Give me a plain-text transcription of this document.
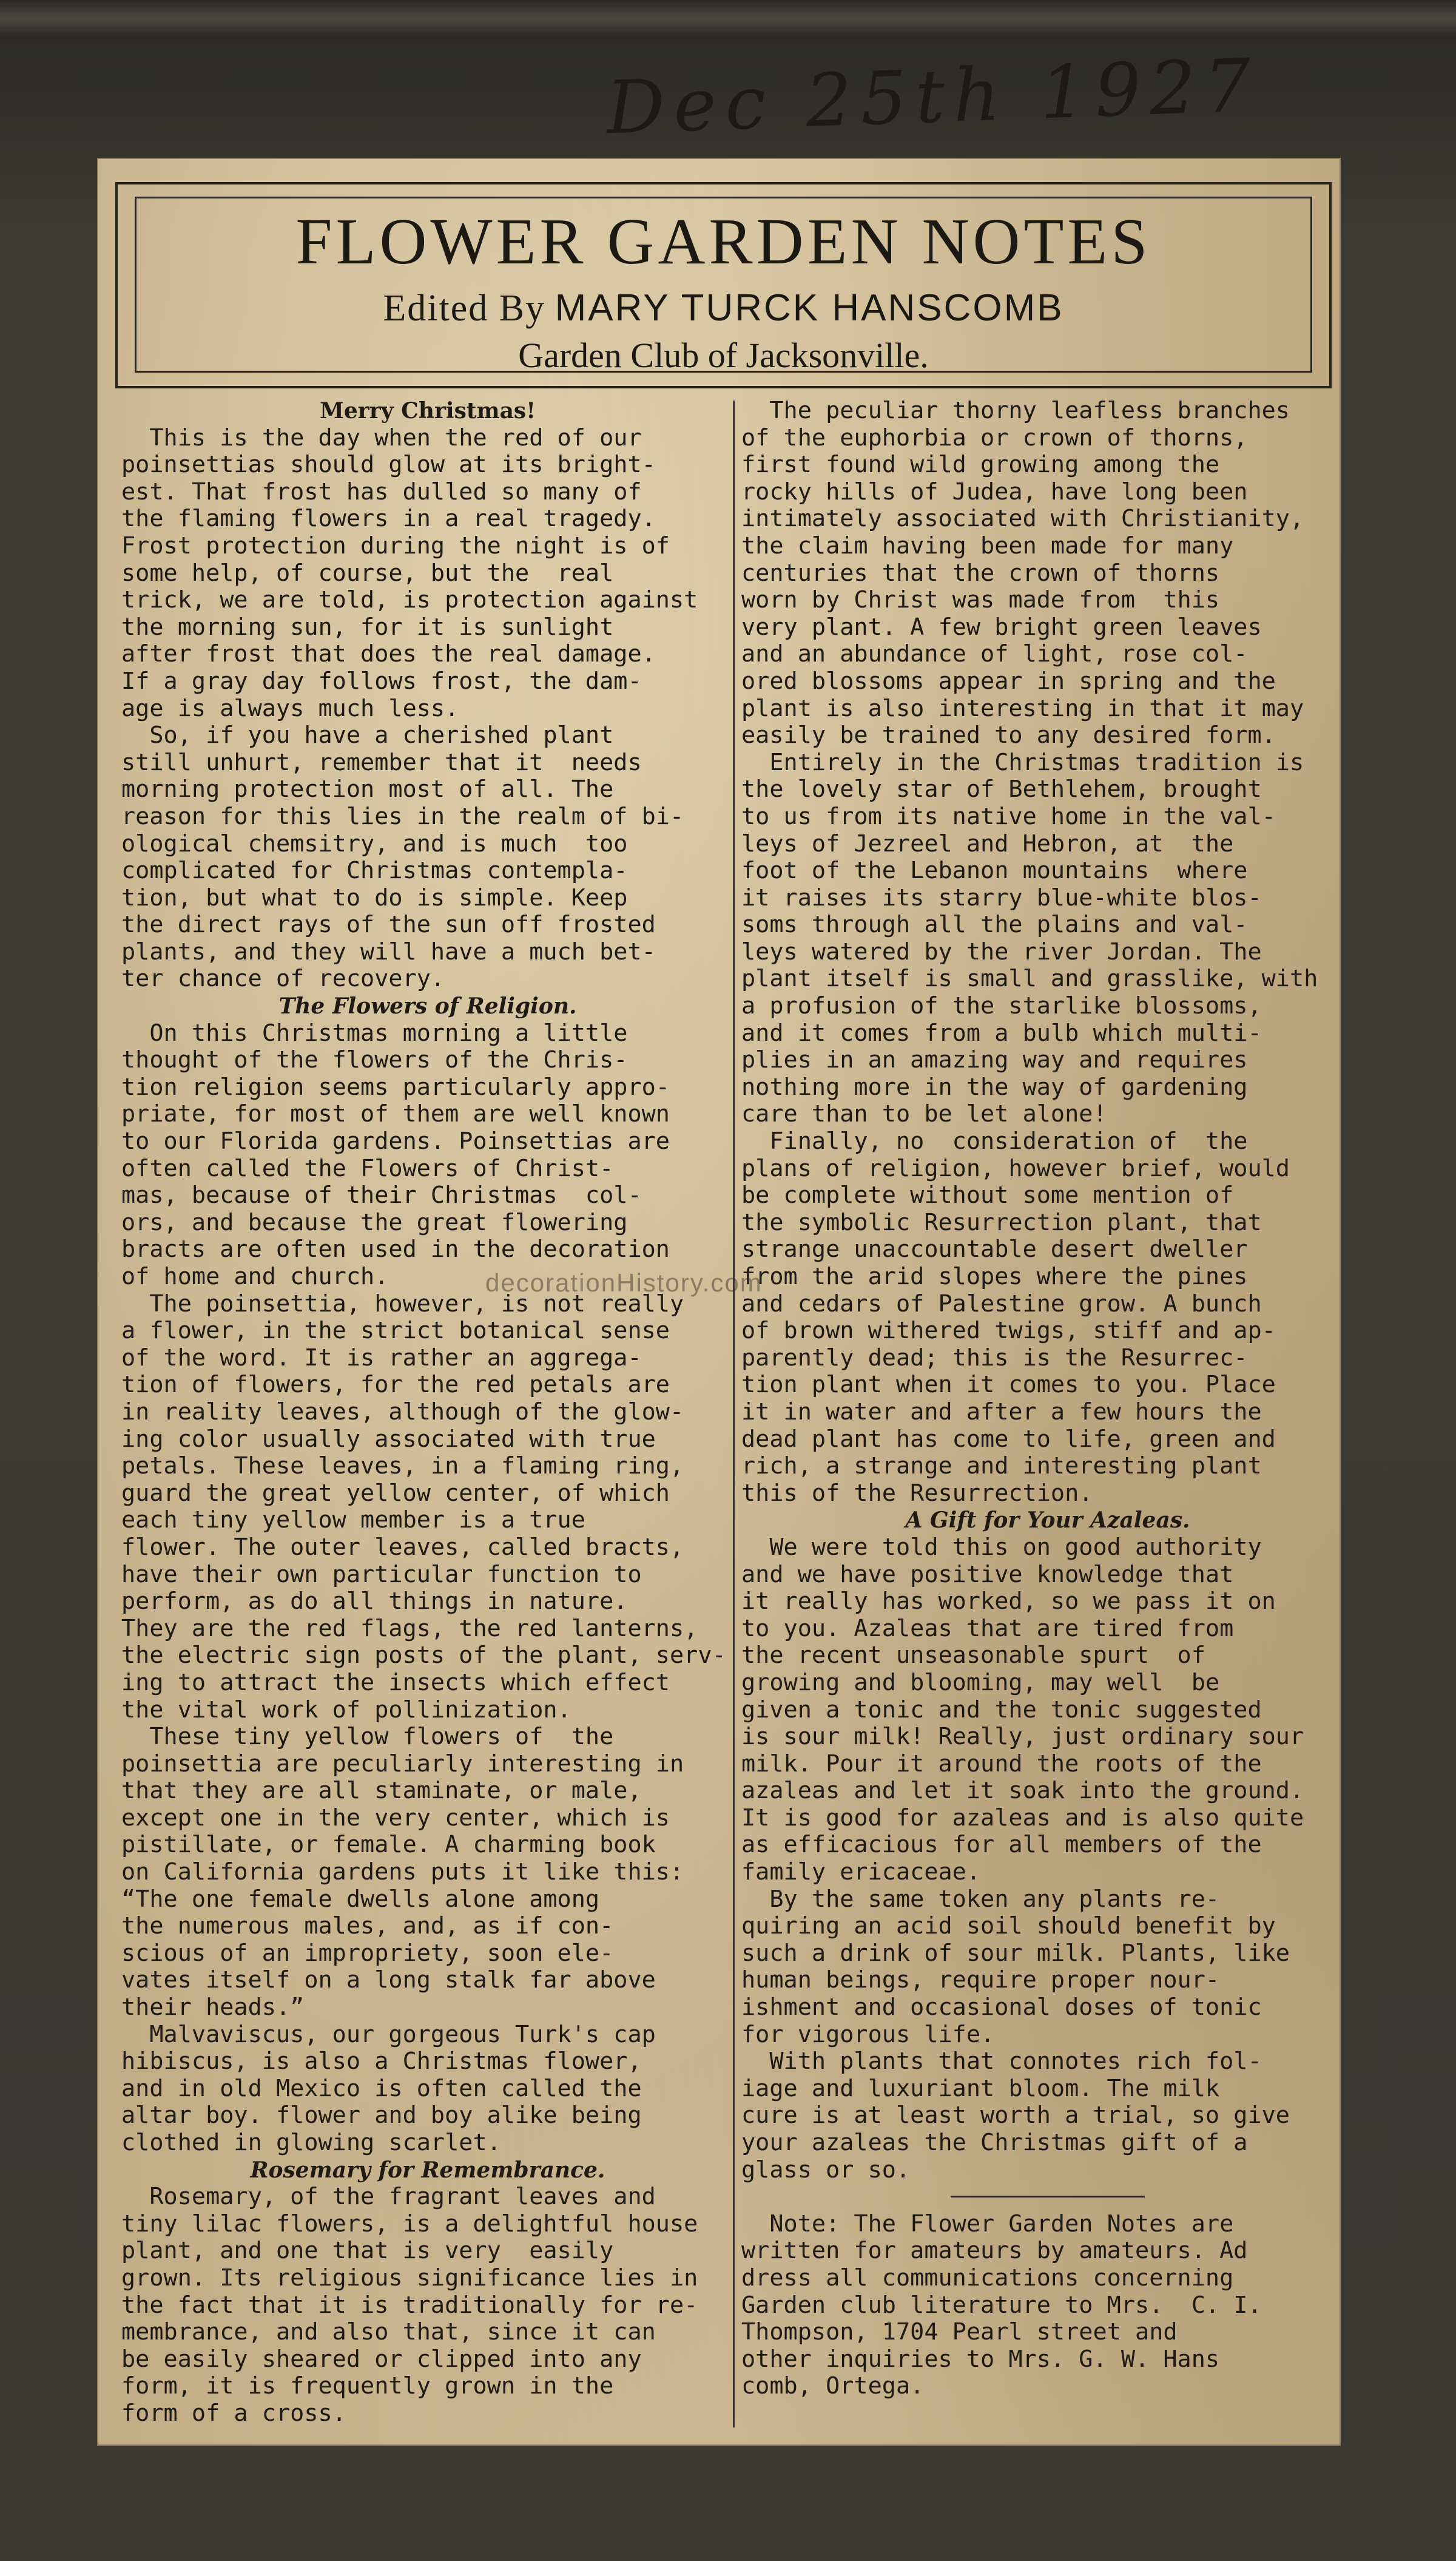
Dec 25th 1927
FLOWER GARDEN NOTES
Edited By MARY TURCK HANSCOMB
Garden Club of Jacksonville.
Merry Christmas!
This is the day when the red of our
poinsettias should glow at its bright-
est. That frost has dulled so many of
the flaming flowers in a real tragedy.
Frost protection during the night is of
some help, of course, but the  real
trick, we are told, is protection against
the morning sun, for it is sunlight
after frost that does the real damage.
If a gray day follows frost, the dam-
age is always much less.
So, if you have a cherished plant
still unhurt, remember that it  needs
morning protection most of all. The
reason for this lies in the realm of bi-
ological chemsitry, and is much  too
complicated for Christmas contempla-
tion, but what to do is simple. Keep
the direct rays of the sun off frosted
plants, and they will have a much bet-
ter chance of recovery.
The Flowers of Religion.
On this Christmas morning a little
thought of the flowers of the Chris-
tion religion seems particularly appro-
priate, for most of them are well known
to our Florida gardens. Poinsettias are
often called the Flowers of Christ-
mas, because of their Christmas  col-
ors, and because the great flowering
bracts are often used in the decoration
of home and church.
The poinsettia, however, is not really
a flower, in the strict botanical sense
of the word. It is rather an aggrega-
tion of flowers, for the red petals are
in reality leaves, although of the glow-
ing color usually associated with true
petals. These leaves, in a flaming ring,
guard the great yellow center, of which
each tiny yellow member is a true
flower. The outer leaves, called bracts,
have their own particular function to
perform, as do all things in nature.
They are the red flags, the red lanterns,
the electric sign posts of the plant, serv-
ing to attract the insects which effect
the vital work of pollinization.
These tiny yellow flowers of  the
poinsettia are peculiarly interesting in
that they are all staminate, or male,
except one in the very center, which is
pistillate, or female. A charming book
on California gardens puts it like this:
“The one female dwells alone among
the numerous males, and, as if con-
scious of an impropriety, soon ele-
vates itself on a long stalk far above
their heads.”
Malvaviscus, our gorgeous Turk's cap
hibiscus, is also a Christmas flower,
and in old Mexico is often called the
altar boy. flower and boy alike being
clothed in glowing scarlet.
Rosemary for Remembrance.
Rosemary, of the fragrant leaves and
tiny lilac flowers, is a delightful house
plant, and one that is very  easily
grown. Its religious significance lies in
the fact that it is traditionally for re-
membrance, and also that, since it can
be easily sheared or clipped into any
form, it is frequently grown in the
form of a cross.
The peculiar thorny leafless branches
of the euphorbia or crown of thorns,
first found wild growing among the
rocky hills of Judea, have long been
intimately associated with Christianity,
the claim having been made for many
centuries that the crown of thorns
worn by Christ was made from  this
very plant. A few bright green leaves
and an abundance of light, rose col-
ored blossoms appear in spring and the
plant is also interesting in that it may
easily be trained to any desired form.
Entirely in the Christmas tradition is
the lovely star of Bethlehem, brought
to us from its native home in the val-
leys of Jezreel and Hebron, at  the
foot of the Lebanon mountains  where
it raises its starry blue-white blos-
soms through all the plains and val-
leys watered by the river Jordan. The
plant itself is small and grasslike, with
a profusion of the starlike blossoms,
and it comes from a bulb which multi-
plies in an amazing way and requires
nothing more in the way of gardening
care than to be let alone!
Finally, no  consideration of  the
plans of religion, however brief, would
be complete without some mention of
the symbolic Resurrection plant, that
strange unaccountable desert dweller
from the arid slopes where the pines
and cedars of Palestine grow. A bunch
of brown withered twigs, stiff and ap-
parently dead; this is the Resurrec-
tion plant when it comes to you. Place
it in water and after a few hours the
dead plant has come to life, green and
rich, a strange and interesting plant
this of the Resurrection.
A Gift for Your Azaleas.
We were told this on good authority
and we have positive knowledge that
it really has worked, so we pass it on
to you. Azaleas that are tired from
the recent unseasonable spurt  of
growing and blooming, may well  be
given a tonic and the tonic suggested
is sour milk! Really, just ordinary sour
milk. Pour it around the roots of the
azaleas and let it soak into the ground.
It is good for azaleas and is also quite
as efficacious for all members of the
family ericaceae.
By the same token any plants re-
quiring an acid soil should benefit by
such a drink of sour milk. Plants, like
human beings, require proper nour-
ishment and occasional doses of tonic
for vigorous life.
With plants that connotes rich fol-
iage and luxuriant bloom. The milk
cure is at least worth a trial, so give
your azaleas the Christmas gift of a
glass or so.
Note: The Flower Garden Notes are
written for amateurs by amateurs. Ad
dress all communications concerning
Garden club literature to Mrs.  C. I.
Thompson, 1704 Pearl street and
other inquiries to Mrs. G. W. Hans
comb, Ortega.
decorationHistory.com
